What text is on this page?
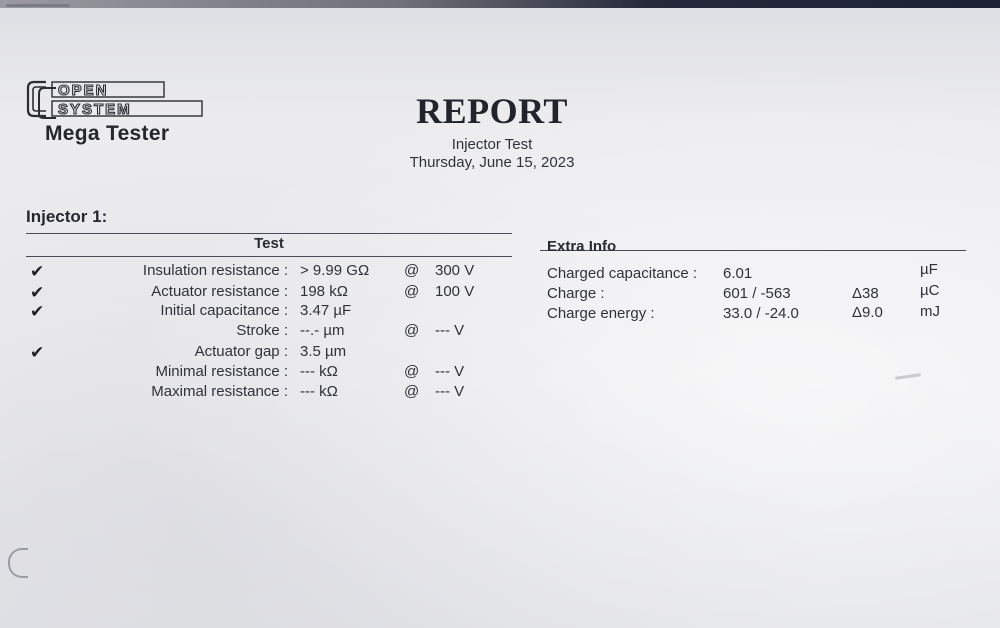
OPEN
SYSTEM
Mega Tester
REPORT
Injector Test
Thursday, June 15, 2023
Injector 1:
Test
✔	Insulation resistance : > 9.99 GΩ @ 300 V
✔	Actuator resistance : 198 kΩ	@ 100 V
✔	Initial capacitance : 3.47 µF
Stroke : --.- µm	@ --- V
✔	Actuator gap : 3.5 µm
Minimal resistance : --- kΩ	@ --- V
Maximal resistance : --- kΩ	@ --- V
Extra Info
Charged capacitance : 6.01	µF
Charge :	601 / -563	Δ38	µC
Charge energy :	33.0 / -24.0	Δ9.0 mJ
